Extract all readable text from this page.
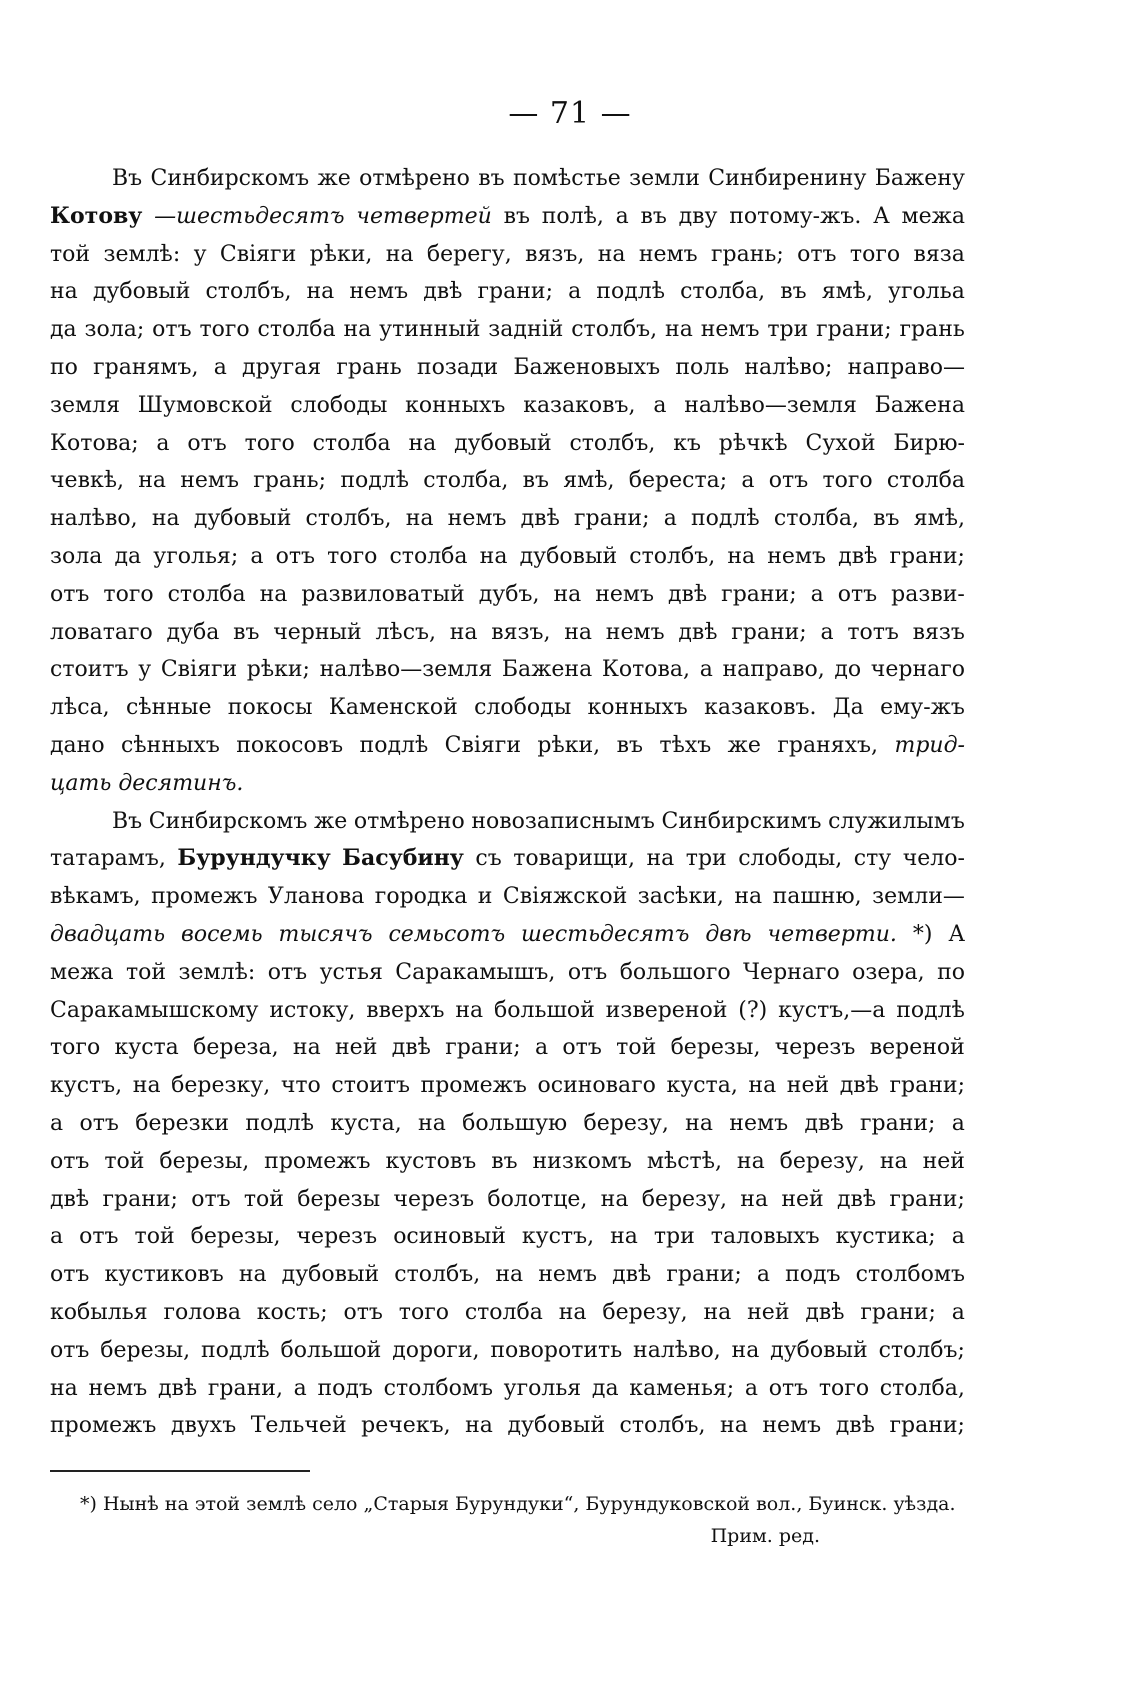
— 71 —
Въ Синбирскомъ же отмѣрено въ помѣстье земли Синбиренину Бажену
Котову —шестьдесятъ четвертей въ полѣ, а въ дву потому-жъ. А межа
той землѣ: у Свіяги рѣки, на берегу, вязъ, на немъ грань; отъ того вяза
на дубовый столбъ, на немъ двѣ грани; а подлѣ столба, въ ямѣ, угольа
да зола; отъ того столба на утинный задній столбъ, на немъ три грани; грань
по гранямъ, а другая грань позади Баженовыхъ поль налѣво; направо—
земля Шумовской слободы конныхъ казаковъ, а налѣво—земля Бажена
Котова; а отъ того столба на дубовый столбъ, къ рѣчкѣ Сухой Бирю-
чевкѣ, на немъ грань; подлѣ столба, въ ямѣ, береста; а отъ того столба
налѣво, на дубовый столбъ, на немъ двѣ грани; а подлѣ столба, въ ямѣ,
зола да уголья; а отъ того столба на дубовый столбъ, на немъ двѣ грани;
отъ того столба на развиловатый дубъ, на немъ двѣ грани; а отъ разви-
ловатаго дуба въ черный лѣсъ, на вязъ, на немъ двѣ грани; а тотъ вязъ
стоитъ у Свіяги рѣки; налѣво—земля Бажена Котова, а направо, до чернаго
лѣса, сѣнные покосы Каменской слободы конныхъ казаковъ. Да ему-жъ
дано сѣнныхъ покосовъ подлѣ Свіяги рѣки, въ тѣхъ же граняхъ, трид-
цать десятинъ.
Въ Синбирскомъ же отмѣрено новозаписнымъ Синбирскимъ служилымъ
татарамъ, Бурундучку Басубину съ товарищи, на три слободы, сту чело-
вѣкамъ, промежъ Уланова городка и Свіяжской засѣки, на пашню, земли—
двадцать восемь тысячъ семьсотъ шестьдесятъ двѣ четверти. *) А
межа той землѣ: отъ устья Саракамышъ, отъ большого Чернаго озера, по
Саракамышскому истоку, вверхъ на большой извереной (?) кустъ,—а подлѣ
того куста береза, на ней двѣ грани; а отъ той березы, черезъ вереной
кустъ, на березку, что стоитъ промежъ осиноваго куста, на ней двѣ грани;
а отъ березки подлѣ куста, на большую березу, на немъ двѣ грани; а
отъ той березы, промежъ кустовъ въ низкомъ мѣстѣ, на березу, на ней
двѣ грани; отъ той березы черезъ болотце, на березу, на ней двѣ грани;
а отъ той березы, черезъ осиновый кустъ, на три таловыхъ кустика; а
отъ кустиковъ на дубовый столбъ, на немъ двѣ грани; а подъ столбомъ
кобылья голова кость; отъ того столба на березу, на ней двѣ грани; а
отъ березы, подлѣ большой дороги, поворотить налѣво, на дубовый столбъ;
на немъ двѣ грани, а подъ столбомъ уголья да каменья; а отъ того столба,
промежъ двухъ Тельчей речекъ, на дубовый столбъ, на немъ двѣ грани;
*) Нынѣ на этой землѣ село „Старыя Бурундуки“, Бурундуковской вол., Буинск. уѣзда.
Прим. ред.
